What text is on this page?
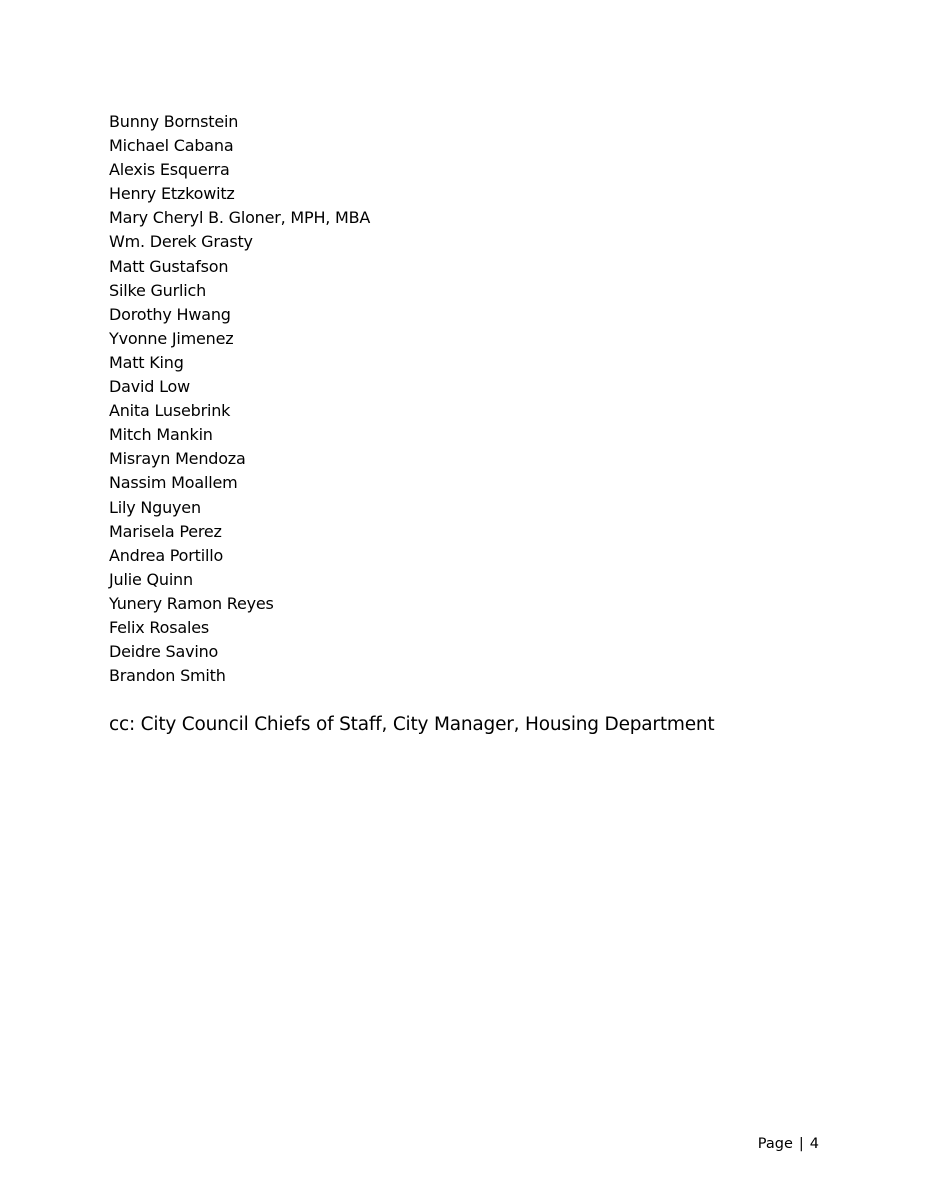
Bunny Bornstein
Michael Cabana
Alexis Esquerra
Henry Etzkowitz
Mary Cheryl B. Gloner, MPH, MBA
Wm. Derek Grasty
Matt Gustafson
Silke Gurlich
Dorothy Hwang
Yvonne Jimenez
Matt King
David Low
Anita Lusebrink
Mitch Mankin
Misrayn Mendoza
Nassim Moallem
Lily Nguyen
Marisela Perez
Andrea Portillo
Julie Quinn
Yunery Ramon Reyes
Felix Rosales
Deidre Savino
Brandon Smith

cc: City Council Chiefs of Staff, City Manager, Housing Department

Page | 4
